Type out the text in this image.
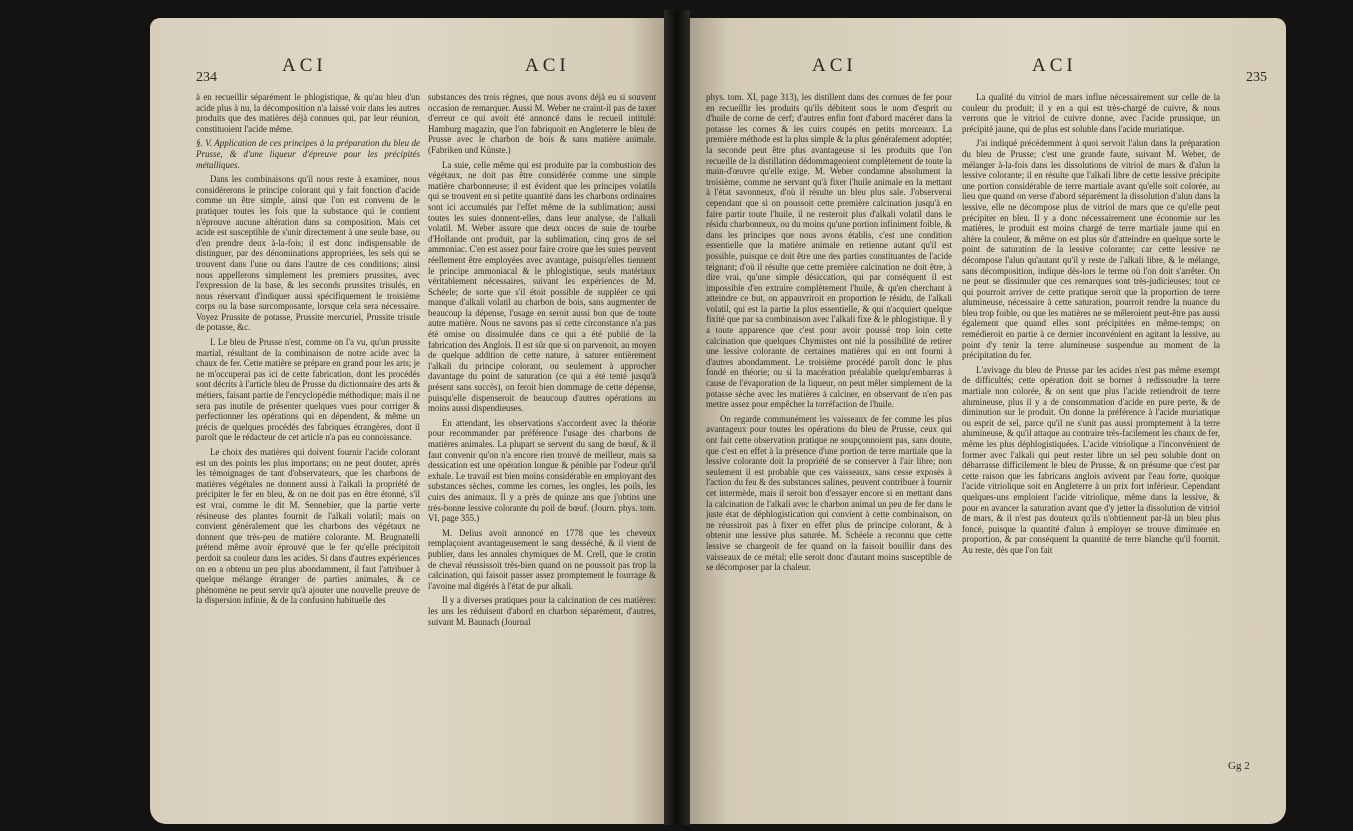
234
ACI	ACI	ACI	ACI
235

à en recueillir séparément le phlogistique, & qu'au bleu d'un acide plus à nu, la décomposition n'a laissé voir dans les autres produits que des matières déjà connues qui, par leur réunion, constituoient l'acide même.

§. V. Application de ces principes à la préparation du bleu de Prusse, & d'une liqueur d'épreuve pour les précipités métalliques.

Dans les combinaisons qu'il nous reste à examiner, nous considérerons le principe colorant qui y fait fonction d'acide comme un être simple, ainsi que l'on est convenu de le pratiquer toutes les fois que la substance qui le contient n'éprouve aucune altération dans sa composition. Mais cet acide est susceptible de s'unir directement à une seule base, ou d'en prendre deux à-la-fois; il est donc indispensable de distinguer, par des dénominations appropriées, les sels qui se trouvent dans l'une ou dans l'autre de ces conditions; ainsi nous appellerons simplement les premiers prussites, avec l'expression de la base, & les seconds prussites trisulés, en nous réservant d'indiquer aussi spécifiquement le troisième corps ou la base surcomposante, lorsque cela sera nécessaire. Voyez Prussite de potasse, Prussite mercuriel, Prussite trisule de potasse, &c.

I. Le bleu de Prusse n'est, comme on l'a vu, qu'un prussite martial, résultant de la combinaison de notre acide avec la chaux de fer. Cette matière se prépare en grand pour les arts; je ne m'occuperai pas ici de cette fabrication, dont les procédés sont décrits à l'article bleu de Prusse du dictionnaire des arts & métiers, faisant partie de l'encyclopédie méthodique; mais il ne sera pas inutile de présenter quelques vues pour corriger & perfectionner les opérations qui en dépendent, & même un précis de quelques procédés des fabriques étrangères, dont il paroît que le rédacteur de cet article n'a pas eu connoissance.

Le choix des matières qui doivent fournir l'acide colorant est un des points les plus importans; on ne peut douter, après les témoignages de tant d'observateurs, que les charbons de matières végétales ne donnent aussi à l'alkali la propriété de précipiter le fer en bleu, & on ne doit pas en être étonné, s'il est vrai, comme le dit M. Sennebier, que la partie verte résineuse des plantes fournit de l'alkali volatil; mais on convient généralement que les charbons des végétaux ne donnent que très-peu de matière colorante. M. Brugnatelli prétend même avoir éprouvé que le fer qu'elle précipitoit perdoit sa couleur dans les acides. Si dans d'autres expériences on en a obtenu un peu plus abondamment, il faut l'attribuer à quelque mélange étranger de parties animales, & ce phénomène ne peut servir qu'à ajouter une nouvelle preuve de la dispersion infinie, & de la confusion habituelle des

substances des trois règnes, que nous avons déjà eu si souvent occasion de remarquer. Aussi M. Weber ne craint-il pas de taxer d'erreur ce qui avoit été annoncé dans le recueil intitulé: Hamburg magazin, que l'on fabriquoit en Angleterre le bleu de Prusse avec le charbon de bois & sans matière animale. (Fabriken und Künste.)

La suie, celle même qui est produite par la combustion des végétaux, ne doit pas être considérée comme une simple matière charbonneuse; il est évident que les principes volatils qui se trouvent en si petite quantité dans les charbons ordinaires sont ici accumulés par l'effet même de la sublimation; aussi toutes les suies donnent-elles, dans leur analyse, de l'alkali volatil. M. Weber assure que deux onces de suie de tourbe d'Hollande ont produit, par la sublimation, cinq gros de sel ammoniac. C'en est assez pour faire croire que les suies peuvent réellement être employées avec avantage, puisqu'elles tiennent le principe ammoniacal & le phlogistique, seuls matériaux véritablement nécessaires, suivant les expériences de M. Schéele; de sorte que s'il étoit possible de suppléer ce qui manque d'alkali volatil au charbon de bois, sans augmenter de beaucoup la dépense, l'usage en seroit aussi bon que de toute autre matière. Nous ne savons pas si cette circonstance n'a pas été omise ou dissimulée dans ce qui a été publié de la fabrication des Anglois. Il est sûr que si on parvenoit, au moyen de quelque addition de cette nature, à saturer entièrement l'alkali du principe colorant, ou seulement à approcher davantage du point de saturation (ce qui a été tenté jusqu'à présent sans succès), on feroit bien dommage de cette dépense, puisqu'elle dispenseroit de beaucoup d'autres opérations au moins aussi dispendieuses.

En attendant, les observations s'accordent avec la théorie pour recommander par préférence l'usage des charbons de matières animales. La plupart se servent du sang de bœuf, & il faut convenir qu'on n'a encore rien trouvé de meilleur, mais sa dessication est une opération longue & pénible par l'odeur qu'il exhale. Le travail est bien moins considérable en employant des substances sèches, comme les cornes, les ongles, les poils, les cuirs des animaux. Il y a près de quinze ans que j'obtins une très-bonne lessive colorante du poil de bœuf. (Journ. phys. tom. VI, page 355.)

M. Delius avoit annoncé en 1778 que les cheveux remplaçoient avantageusement le sang desséché, & il vient de publier, dans les annales chymiques de M. Crell, que le crotin de cheval réussissoit très-bien quand on ne poussoit pas trop la calcination, qui faisoit passer assez promptement le fourrage & l'avoine mal digérés à l'état de pur alkali.

Il y a diverses pratiques pour la calcination de ces matières: les uns les réduisent d'abord en charbon séparément, d'autres, suivant M. Baunach (Journal

phys. tom. XI, page 313), les distillent dans des cornues de fer pour en recueillir les produits qu'ils débitent sous le nom d'esprit ou d'huile de corne de cerf; d'autres enfin font d'abord macérer dans la potasse les cornes & les cuirs coupés en petits morceaux. La première méthode est la plus simple & la plus généralement adoptée; la seconde peut être plus avantageuse si les produits que l'on recueille de la distillation dédommageoient complètement de toute la main-d'œuvre qu'elle exige. M. Weber condamne absolument la troisième, comme ne servant qu'à fixer l'huile animale en la mettant à l'état savonneux, d'où il résulte un bleu plus sale. J'observerai cependant que si on poussoit cette première calcination jusqu'à en faire partir toute l'huile, il ne resteroit plus d'alkali volatil dans le résidu charbonneux, ou du moins qu'une portion infiniment foible, & dans les principes que nous avons établis, c'est une condition essentielle que la matière animale en retienne autant qu'il est possible, puisque ce doit être une des parties constituantes de l'acide teignant; d'où il résulte que cette première calcination ne doit être, à dire vrai, qu'une simple désiccation, qui par conséquent il est impossible d'en extraire complètement l'huile, & qu'en cherchant à atteindre ce but, on appauvriroit en proportion le résidu, de l'alkali volatil, qui est la partie la plus essentielle, & qui n'acquiert quelque fixité que par sa combinaison avec l'alkali fixe & le phlogistique. Il y a toute apparence que c'est pour avoir poussé trop loin cette calcination que quelques Chymistes ont nié la possibilité de retirer une lessive colorante de certaines matières qui en ont fourni à d'autres abondamment. Le troisième procédé paroît donc le plus fondé en théorie; ou si la macération préalable quelqu'embarras à cause de l'évaporation de la liqueur, on peut mêler simplement de la potasse sèche avec les matières à calciner, en observant de n'en pas mettre assez pour empêcher la torréfaction de l'huile.

On regarde communément les vaisseaux de fer comme les plus avantageux pour toutes les opérations du bleu de Prusse, ceux qui ont fait cette observation pratique ne soupçonnoient pas, sans doute, que c'est en effet à la présence d'une portion de terre martiale que la lessive colorante doit la propriété de se conserver à l'air libre; non seulement il est probable que ces vaisseaux, sans cesse exposés à l'action du feu & des substances salines, peuvent contribuer à fournir cet intermède, mais il seroit bon d'essayer encore si en mettant dans la calcination de l'alkali avec le charbon animal un peu de fer dans le juste état de déphlogistication qui convient à cette combinaison, on ne réussiroit pas à fixer en effet plus de principe colorant, & à obtenir une lessive plus saturée. M. Schéele a reconnu que cette lessive se chargeoit de fer quand on la faisoit bouillir dans des vaisseaux de ce métal; elle seroit donc d'autant moins susceptible de se décomposer par la chaleur.

La qualité du vitriol de mars influe nécessairement sur celle de la couleur du produit; il y en a qui est très-chargé de cuivre, & nous verrons que le vitriol de cuivre donne, avec l'acide prussique, un précipité jaune, qui de plus est soluble dans l'acide muriatique.

J'ai indiqué précédemment à quoi servoit l'alun dans la préparation du bleu de Prusse; c'est une grande faute, suivant M. Weber, de mélanger à-la-fois dans les dissolutions de vitriol de mars & d'alun la lessive colorante; il en résulte que l'alkali libre de cette lessive précipite une portion considérable de terre martiale avant qu'elle soit colorée, au lieu que quand on verse d'abord séparément la dissolution d'alun dans la lessive, elle ne décompose plus de vitriol de mars que ce qu'elle peut précipiter en bleu. Il y a donc nécessairement une économie sur les matières, le produit est moins chargé de terre martiale jaune qui en altère la couleur, & même on est plus sûr d'atteindre en quelque sorte le point de saturation de la lessive colorante; car cette lessive ne décompose l'alun qu'autant qu'il y reste de l'alkali libre, & le mélange, sans décomposition, indique dès-lors le terme où l'on doit s'arrêter. On ne peut se dissimuler que ces remarques sont très-judicieuses; tout ce qui pourroit arriver de cette pratique seroit que la proportion de terre alumineuse, nécessaire à cette saturation, pourroit rendre la nuance du bleu trop foible, ou que les matières ne se mêleroient peut-être pas aussi également que quand elles sont précipitées en même-temps; on remédieroit en partie à ce dernier inconvénient en agitant la lessive, au point d'y tenir la terre alumineuse suspendue au moment de la précipitation du fer.

L'avivage du bleu de Prusse par les acides n'est pas même exempt de difficultés; cette opération doit se borner à redissoudre la terre martiale non colorée, & on sent que plus l'acide retiendroit de terre alumineuse, plus il y a de consommation d'acide en pure perte, & de diminution sur le produit. On donne la préférence à l'acide muriatique ou esprit de sel, parce qu'il ne s'unit pas aussi promptement à la terre alumineuse, & qu'il attaque au contraire très-facilement les chaux de fer, même les plus déphlogistiquées. L'acide vitriolique a l'inconvénient de former avec l'alkali qui peut rester libre un sel peu soluble dont on débarrasse difficilement le bleu de Prusse, & on présume que c'est par cette raison que les fabricans anglois avivent par l'eau forte, quoique l'acide vitriolique soit en Angleterre à un prix fort inférieur. Cependant quelques-uns emploient l'acide vitriolique, même dans la lessive, & pour en avancer la saturation avant que d'y jetter la dissolution de vitriol de mars, & il n'est pas douteux qu'ils n'obtiennent par-là un bleu plus foncé, puisque la quantité d'alun à employer se trouve diminuée en proportion, & par conséquent la quantité de terre blanche qu'il fournit. Au reste, dès que l'on fait

Gg 2
